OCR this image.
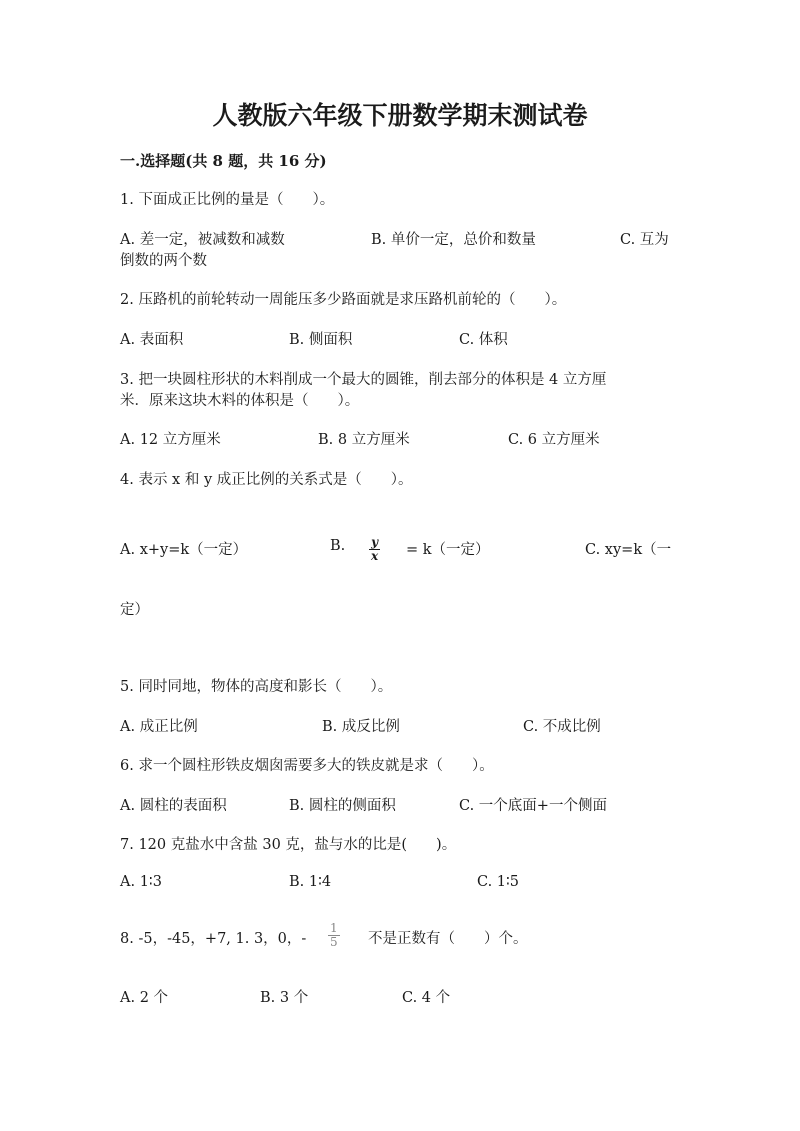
人教版六年级下册数学期末测试卷
一.选择题(共 8 题，共 16 分)
1. 下面成正比例的量是（　　）。
A. 差一定，被减数和减数	B. 单价一定，总价和数量	C. 互为
倒数的两个数
2. 压路机的前轮转动一周能压多少路面就是求压路机前轮的（　　）。
A. 表面积	B. 侧面积	C. 体积
3. 把一块圆柱形状的木料削成一个最大的圆锥，削去部分的体积是 4 立方厘
米．原来这块木料的体积是（　　）。
A. 12 立方厘米	B. 8 立方厘米	C. 6 立方厘米
4. 表示 x 和 y 成正比例的关系式是（　　）。
A. x+y=k（一定）	B. $\frac{y}{x} = k$（一定）	C. xy=k（一
定）
5. 同时同地，物体的高度和影长（　　）。
A. 成正比例	B. 成反比例	C. 不成比例
6. 求一个圆柱形铁皮烟囱需要多大的铁皮就是求（　　）。
A. 圆柱的表面积	B. 圆柱的侧面积	C. 一个底面+一个侧面
7. 120 克盐水中含盐 30 克，盐与水的比是(　　)。
A. 1∶3	B. 1∶4	C. 1∶5
8. -5，-45，+7, 1. 3，0，- $\frac{1}{5}$ 不是正数有（　　）个。
A. 2 个	B. 3 个	C. 4 个
